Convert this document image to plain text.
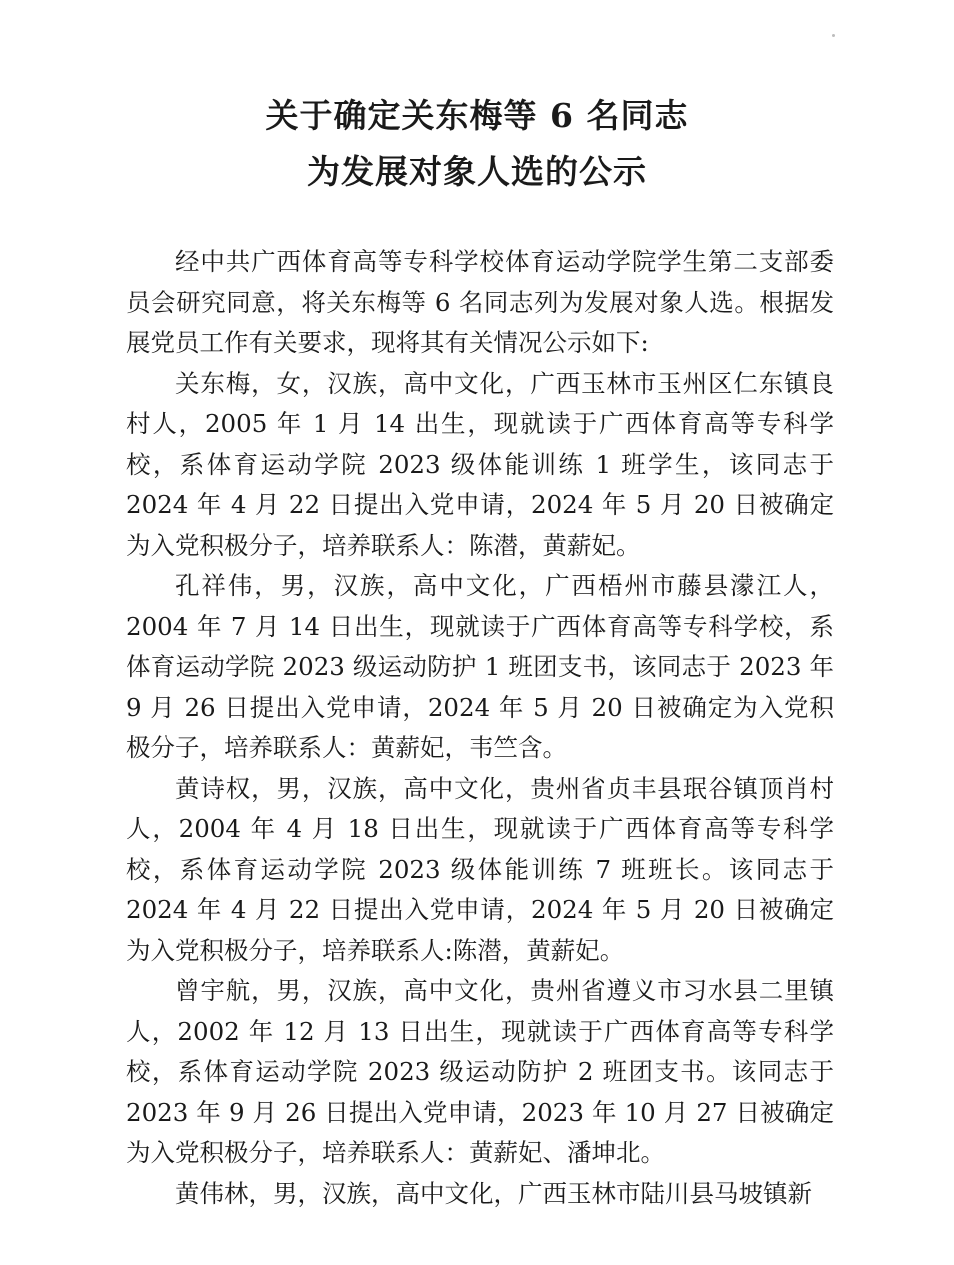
关于确定关东梅等 6 名同志
为发展对象人选的公示

经中共广西体育高等专科学校体育运动学院学生第二支部委员会研究同意，将关东梅等 6 名同志列为发展对象人选。根据发展党员工作有关要求，现将其有关情况公示如下:

关东梅，女，汉族，高中文化，广西玉林市玉州区仁东镇良村人，2005 年 1 月 14 出生，现就读于广西体育高等专科学校，系体育运动学院 2023 级体能训练 1 班学生，该同志于 2024 年 4 月 22 日提出入党申请，2024 年 5 月 20 日被确定为入党积极分子，培养联系人：陈潜，黄薪妃。

孔祥伟，男，汉族，高中文化，广西梧州市藤县濛江人，2004 年 7 月 14 日出生，现就读于广西体育高等专科学校，系体育运动学院 2023 级运动防护 1 班团支书，该同志于 2023 年 9 月 26 日提出入党申请，2024 年 5 月 20 日被确定为入党积极分子，培养联系人：黄薪妃，韦竺含。

黄诗权，男，汉族，高中文化，贵州省贞丰县珉谷镇顶肖村人，2004 年 4 月 18 日出生，现就读于广西体育高等专科学校，系体育运动学院 2023 级体能训练 7 班班长。该同志于 2024 年 4 月 22 日提出入党申请，2024 年 5 月 20 日被确定为入党积极分子，培养联系人:陈潜，黄薪妃。

曾宇航，男，汉族，高中文化，贵州省遵义市习水县二里镇人，2002 年 12 月 13 日出生，现就读于广西体育高等专科学校，系体育运动学院 2023 级运动防护 2 班团支书。该同志于 2023 年 9 月 26 日提出入党申请，2023 年 10 月 27 日被确定为入党积极分子，培养联系人：黄薪妃、潘坤北。

黄伟林，男，汉族，高中文化，广西玉林市陆川县马坡镇新
